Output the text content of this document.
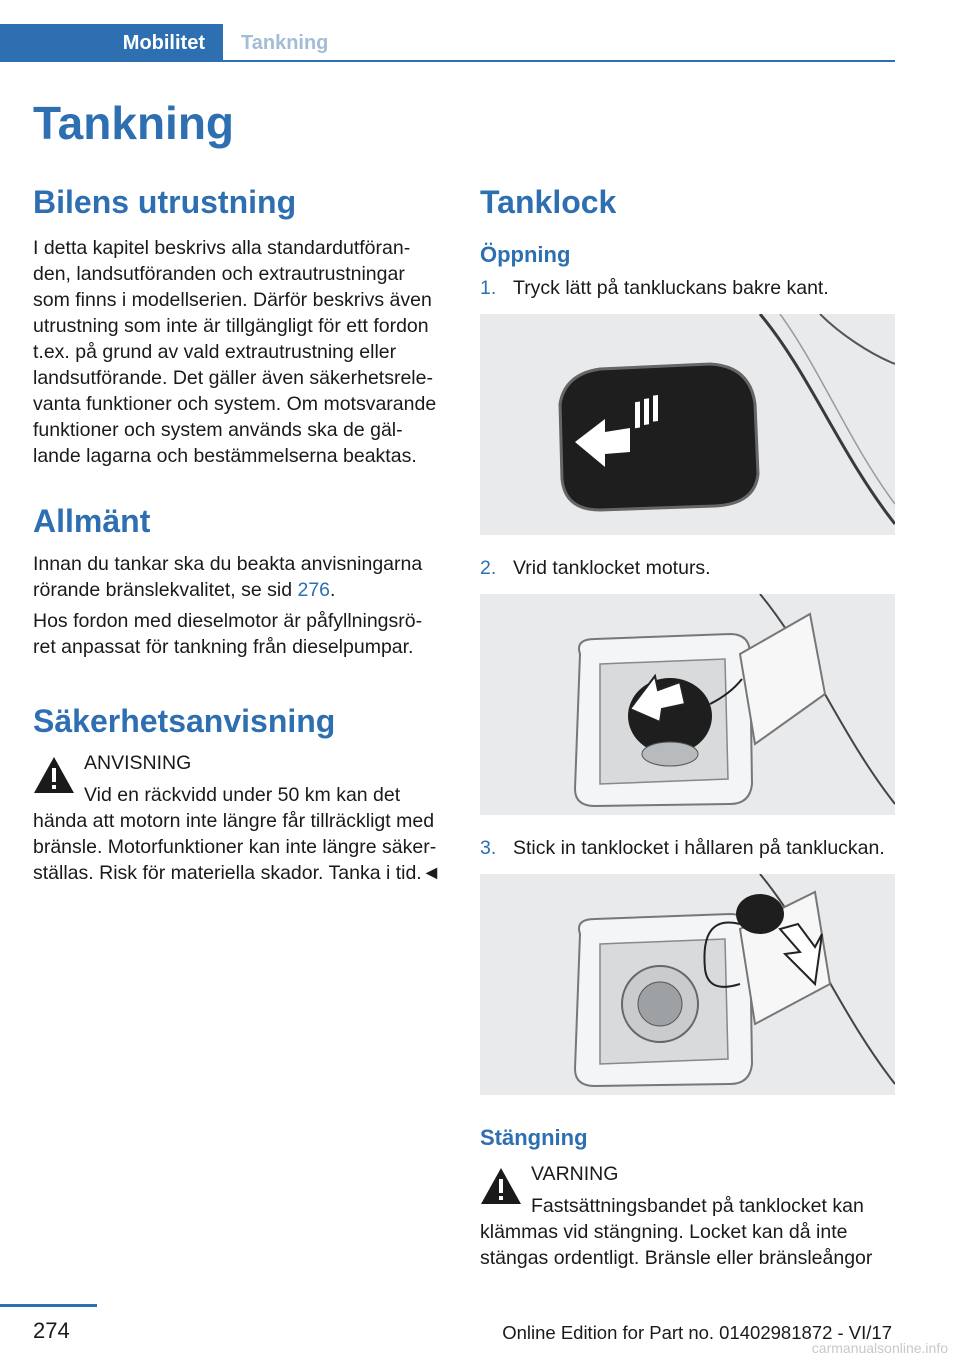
Mobilitet	Tankning
Tankning
Bilens utrustning
I detta kapitel beskrivs alla standardutföran-
den, landsutföranden och extrautrustningar
som finns i modellserien. Därför beskrivs även
utrustning som inte är tillgängligt för ett fordon
t.ex. på grund av vald extrautrustning eller
landsutförande. Det gäller även säkerhetsrele-
vanta funktioner och system. Om motsvarande
funktioner och system används ska de gäl-
lande lagarna och bestämmelserna beaktas.
Allmänt
Innan du tankar ska du beakta anvisningarna
rörande bränslekvalitet, se sid 276.
Hos fordon med dieselmotor är påfyllningsrö-
ret anpassat för tankning från dieselpumpar.
Säkerhetsanvisning
ANVISNING
Vid en räckvidd under 50 km kan det
hända att motorn inte längre får tillräckligt med
bränsle. Motorfunktioner kan inte längre säker-
ställas. Risk för materiella skador. Tanka i tid.◄
Tanklock
Öppning
1. Tryck lätt på tankluckans bakre kant.
2. Vrid tanklocket moturs.
3. Stick in tanklocket i hållaren på tankluckan.
Stängning
VARNING
Fastsättningsbandet på tanklocket kan
klämmas vid stängning. Locket kan då inte
stängas ordentligt. Bränsle eller bränsleångor
274	Online Edition for Part no. 01402981872 - VI/17
carmanualsonline.info
